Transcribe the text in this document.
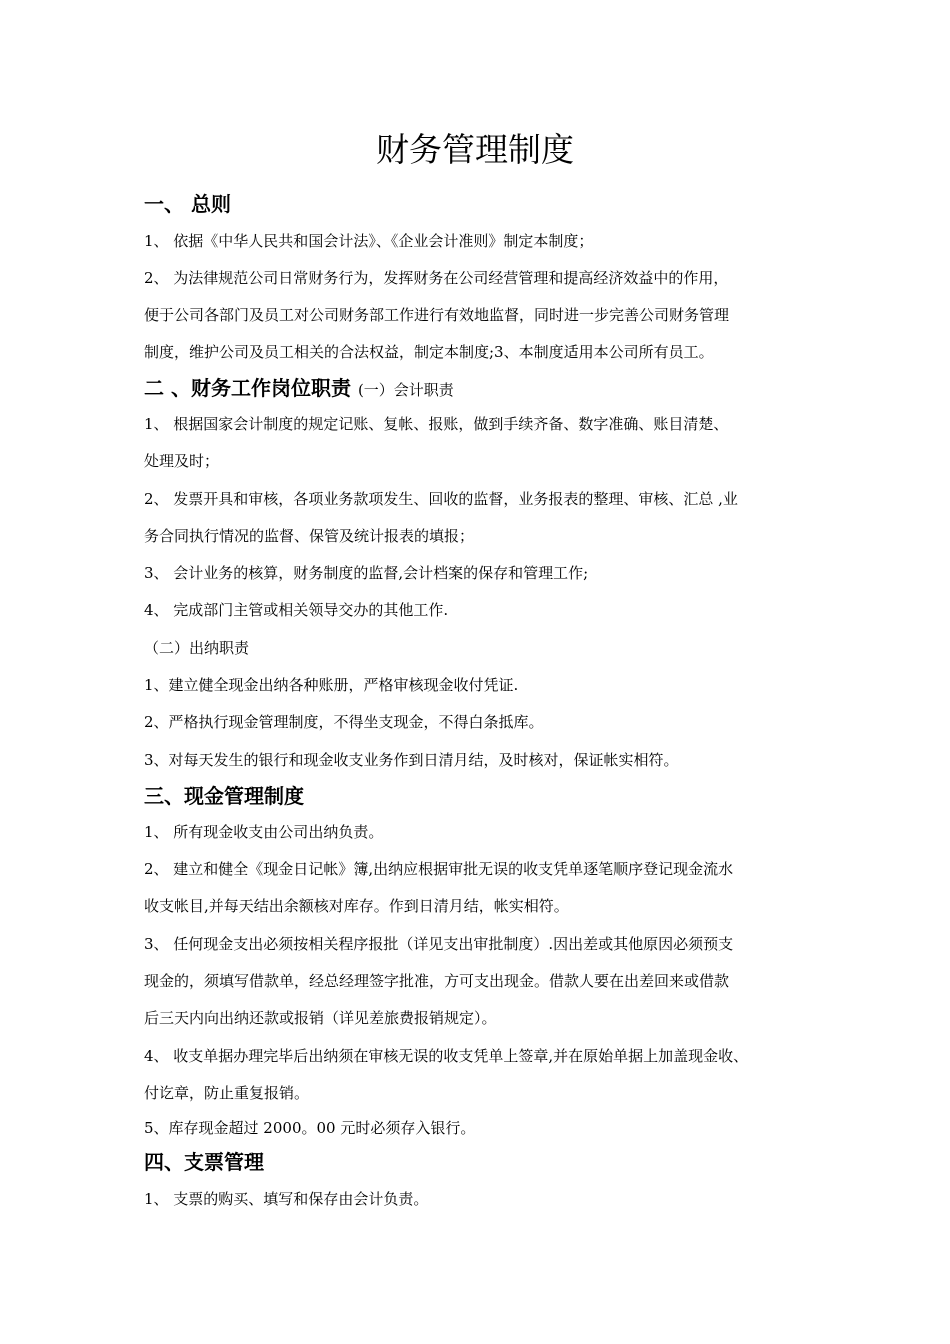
财务管理制度
一、 总则
1、 依据《中华人民共和国会计法》、《企业会计准则》制定本制度；
2、 为法律规范公司日常财务行为，发挥财务在公司经营管理和提高经济效益中的作用，
便于公司各部门及员工对公司财务部工作进行有效地监督，同时进一步完善公司财务管理
制度，维护公司及员工相关的合法权益，制定本制度;3、本制度适用本公司所有员工。
二 、财务工作岗位职责 (一）会计职责
1、 根据国家会计制度的规定记账、复帐、报账，做到手续齐备、数字准确、账目清楚、
处理及时；
2、 发票开具和审核，各项业务款项发生、回收的监督，业务报表的整理、审核、汇总 ,业
务合同执行情况的监督、保管及统计报表的填报；
3、 会计业务的核算，财务制度的监督,会计档案的保存和管理工作;
4、 完成部门主管或相关领导交办的其他工作.
（二）出纳职责
1、建立健全现金出纳各种账册，严格审核现金收付凭证.
2、严格执行现金管理制度，不得坐支现金，不得白条抵库。
3、对每天发生的银行和现金收支业务作到日清月结，及时核对，保证帐实相符。
三、现金管理制度
1、 所有现金收支由公司出纳负责。
2、 建立和健全《现金日记帐》簿,出纳应根据审批无误的收支凭单逐笔顺序登记现金流水
收支帐目,并每天结出余额核对库存。作到日清月结，帐实相符。
3、 任何现金支出必须按相关程序报批（详见支出审批制度）.因出差或其他原因必须预支
现金的，须填写借款单，经总经理签字批准，方可支出现金。借款人要在出差回来或借款
后三天内向出纳还款或报销（详见差旅费报销规定）。
4、 收支单据办理完毕后出纳须在审核无误的收支凭单上签章,并在原始单据上加盖现金收、
付讫章，防止重复报销。
5、库存现金超过 2000。00 元时必须存入银行。
四、支票管理
1、 支票的购买、填写和保存由会计负责。
